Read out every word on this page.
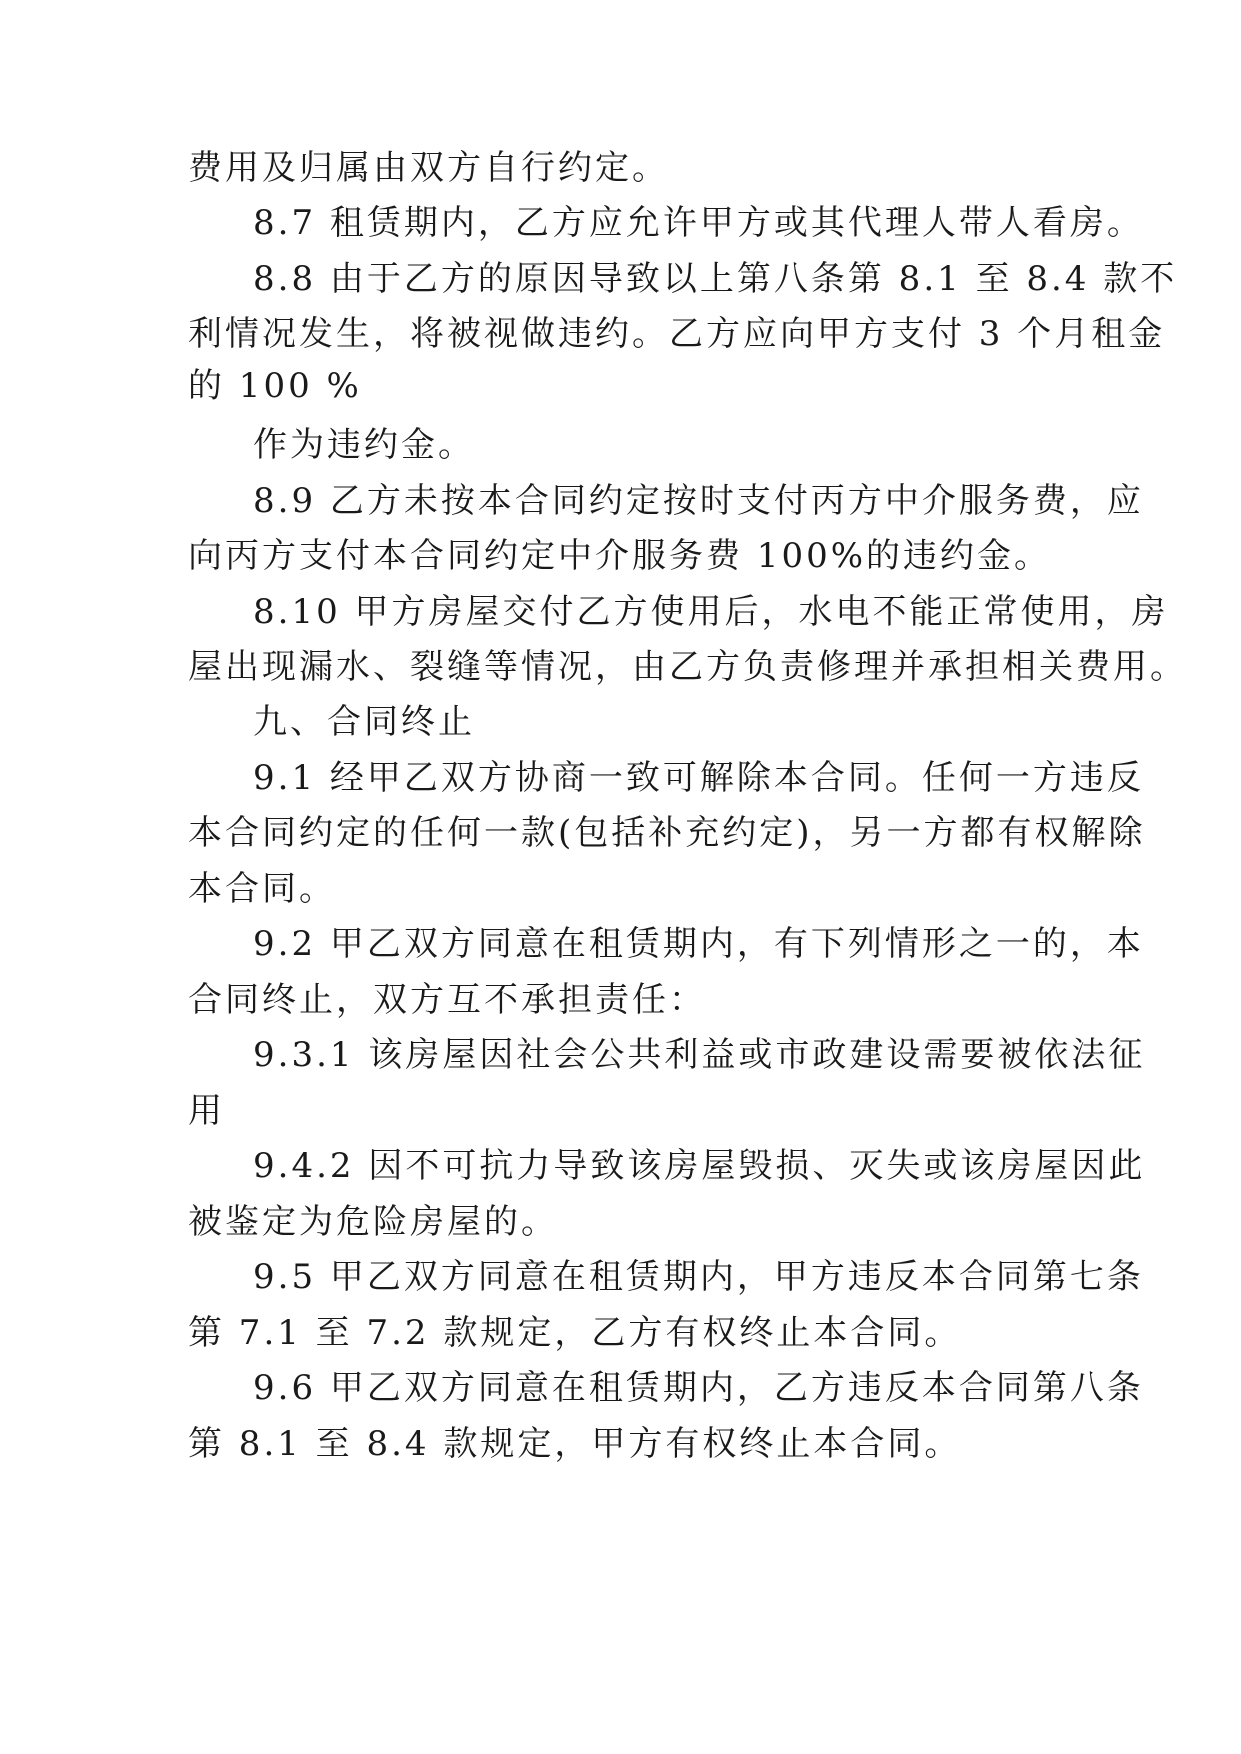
费用及归属由双方自行约定。
8.7 租赁期内，乙方应允许甲方或其代理人带人看房。
8.8 由于乙方的原因导致以上第八条第 8.1 至 8.4 款不
利情况发生，将被视做违约。乙方应向甲方支付 3 个月租金
的 100 %
作为违约金。
8.9 乙方未按本合同约定按时支付丙方中介服务费，应
向丙方支付本合同约定中介服务费 100%的违约金。
8.10 甲方房屋交付乙方使用后，水电不能正常使用，房
屋出现漏水、裂缝等情况，由乙方负责修理并承担相关费用。
九、合同终止
9.1 经甲乙双方协商一致可解除本合同。任何一方违反
本合同约定的任何一款(包括补充约定)，另一方都有权解除
本合同。
9.2 甲乙双方同意在租赁期内，有下列情形之一的，本
合同终止，双方互不承担责任：
9.3.1 该房屋因社会公共利益或市政建设需要被依法征
用
9.4.2 因不可抗力导致该房屋毁损、灭失或该房屋因此
被鉴定为危险房屋的。
9.5 甲乙双方同意在租赁期内，甲方违反本合同第七条
第 7.1 至 7.2 款规定，乙方有权终止本合同。
9.6 甲乙双方同意在租赁期内，乙方违反本合同第八条
第 8.1 至 8.4 款规定，甲方有权终止本合同。
